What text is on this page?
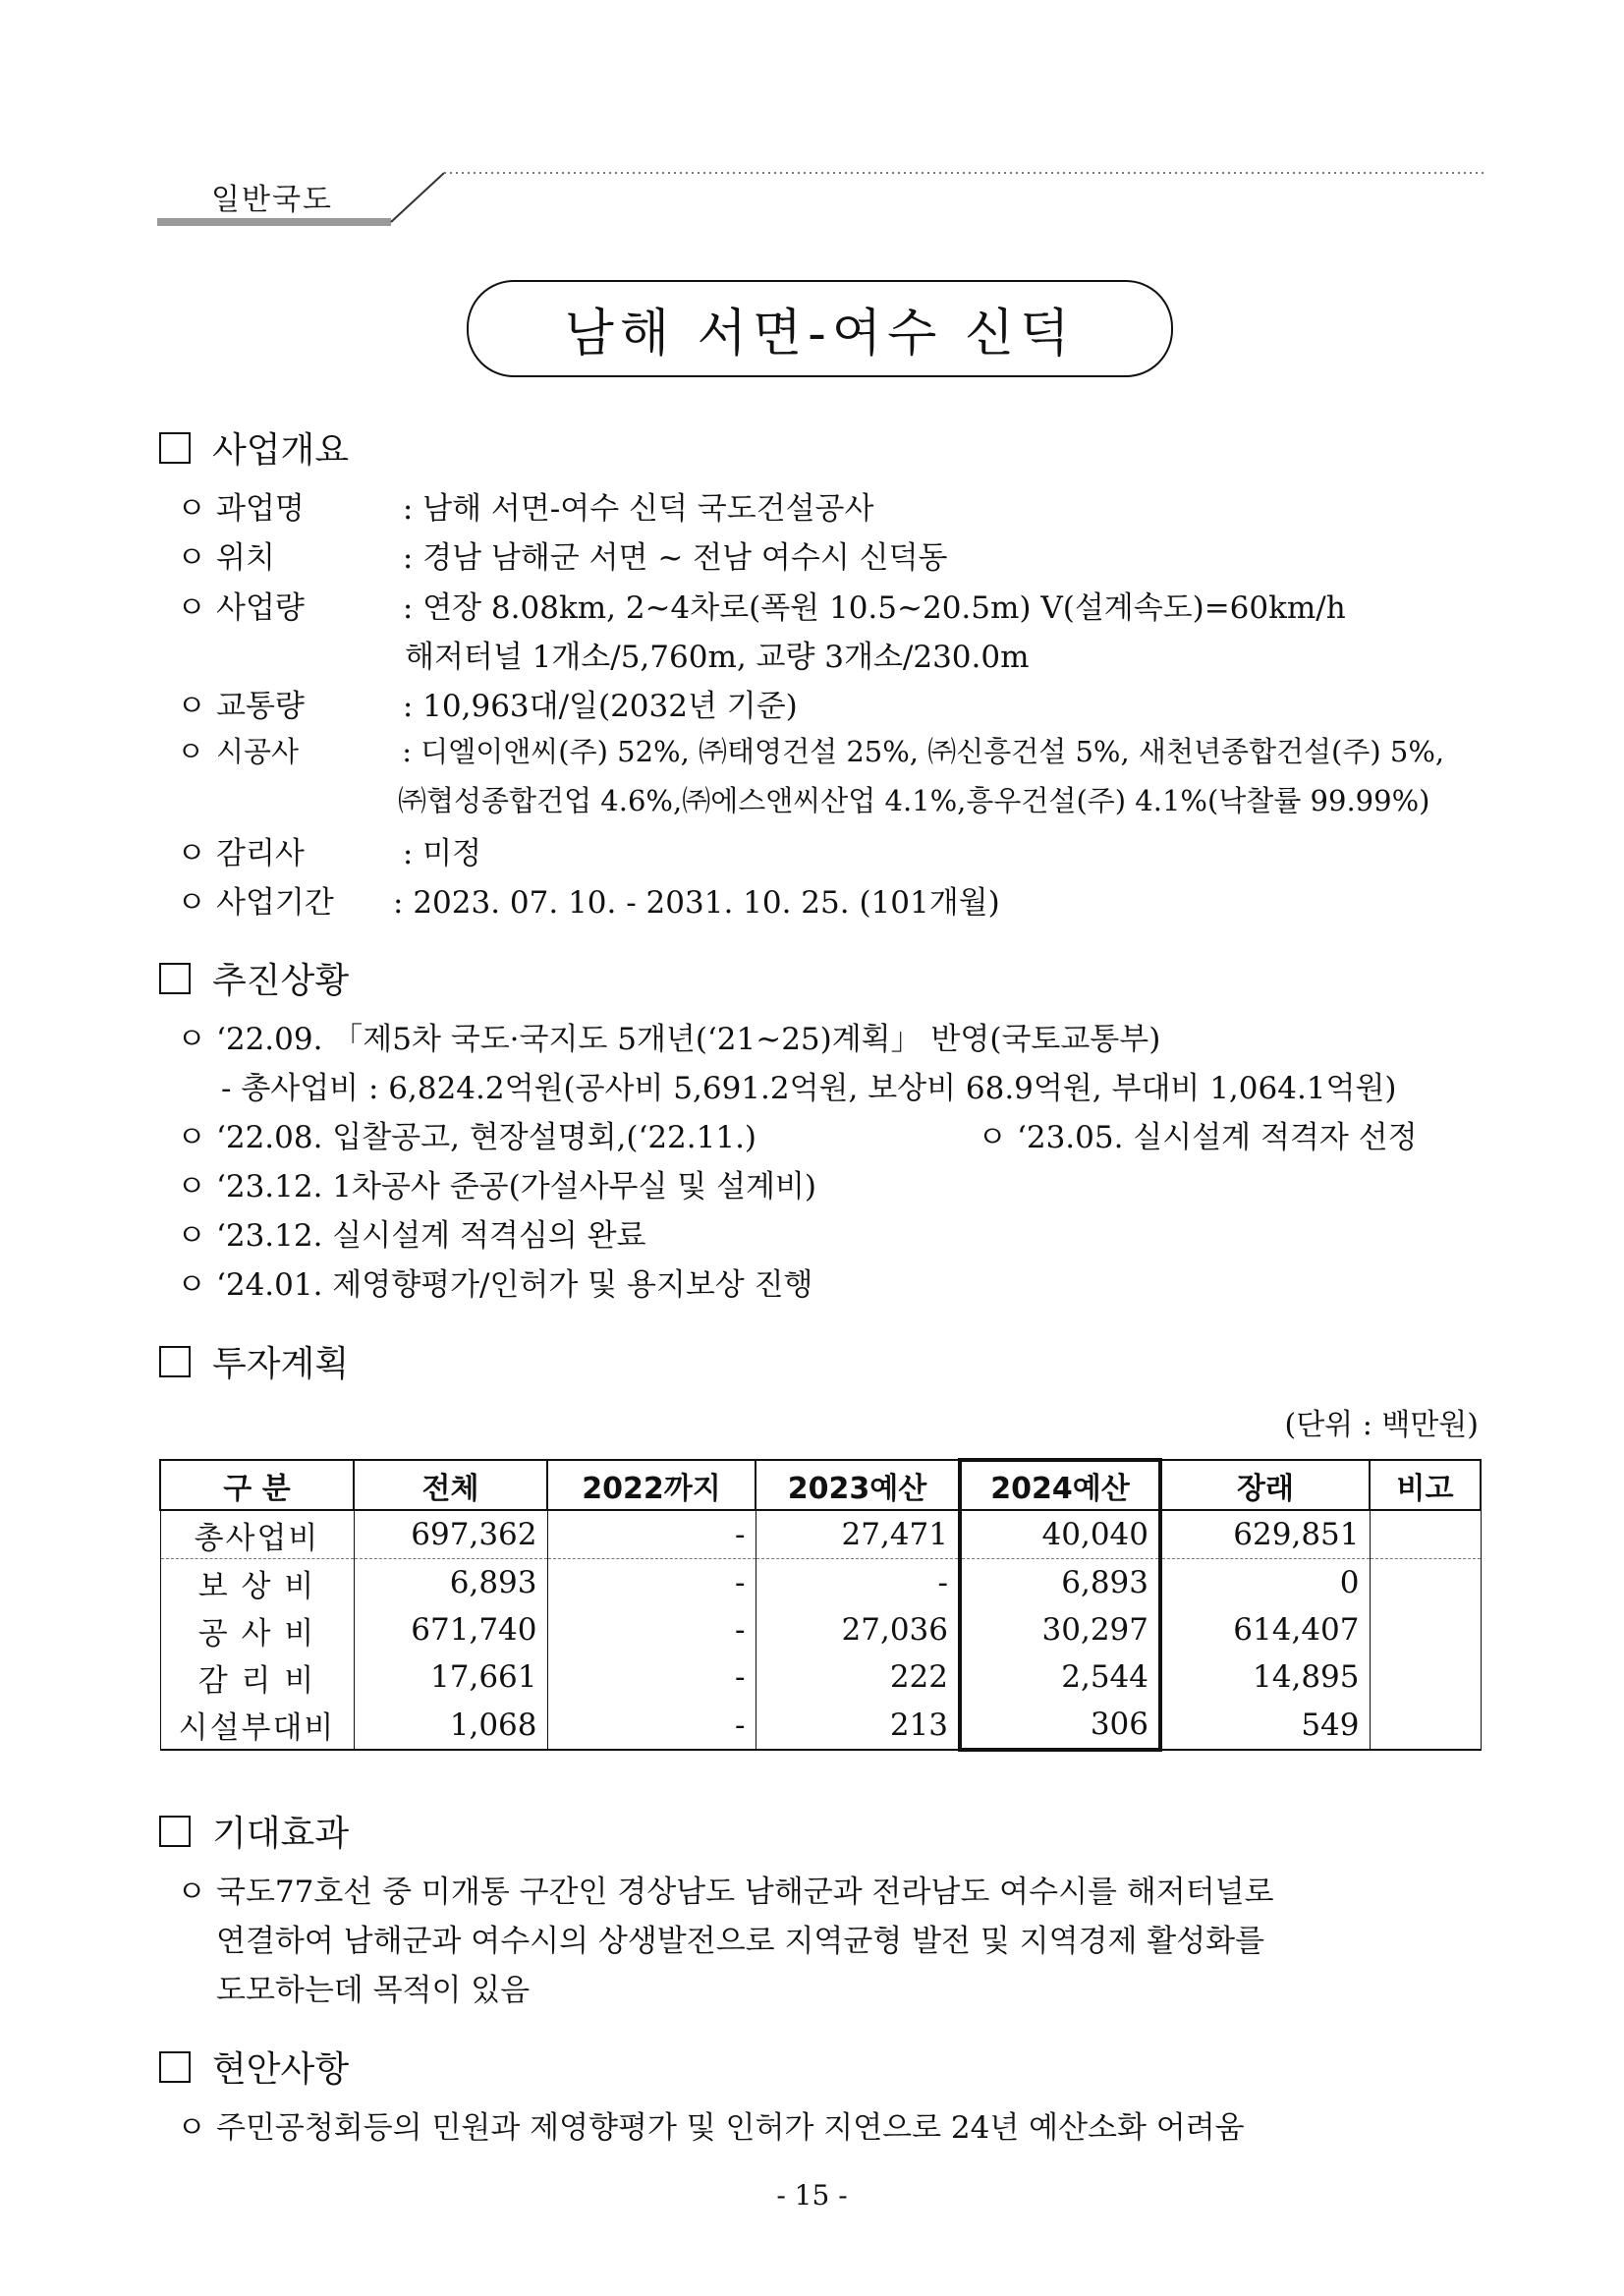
일반국도
남해 서면-여수 신덕
사업개요
ㅇ 과업명	: 남해 서면-여수 신덕 국도건설공사
ㅇ 위치	: 경남 남해군 서면 ~ 전남 여수시 신덕동
ㅇ 사업량	: 연장 8.08km, 2~4차로(폭원 10.5~20.5m) V(설계속도)=60km/h
해저터널 1개소/5,760m, 교량 3개소/230.0m
ㅇ 교통량	: 10,963대/일(2032년 기준)
ㅇ 시공사	: 디엘이앤씨(주) 52%, ㈜태영건설 25%, ㈜신흥건설 5%, 새천년종합건설(주) 5%,
㈜협성종합건업 4.6%,㈜에스앤씨산업 4.1%,흥우건설(주) 4.1%(낙찰률 99.99%)
ㅇ 감리사	: 미정
ㅇ 사업기간 : 2023. 07. 10. - 2031. 10. 25. (101개월)
추진상황
ㅇ ‘22.09. 「제5차 국도·국지도 5개년(‘21~25)계획」 반영(국토교통부)
- 총사업비 : 6,824.2억원(공사비 5,691.2억원, 보상비 68.9억원, 부대비 1,064.1억원)
ㅇ ‘22.08. 입찰공고, 현장설명회,(‘22.11.)	ㅇ ‘23.05. 실시설계 적격자 선정
ㅇ ‘23.12. 1차공사 준공(가설사무실 및 설계비)
ㅇ ‘23.12. 실시설계 적격심의 완료
ㅇ ‘24.01. 제영향평가/인허가 및 용지보상 진행
투자계획
(단위 : 백만원)
구 분	전체	2022까지	2023예산	2024예산	장래	비고
총사업비	697,362	-	27,471	40,040	629,851	
보 상 비	6,893	-	-	6,893	0	
공 사 비	671,740	-	27,036	30,297	614,407	
감 리 비	17,661	-	222	2,544	14,895	
시설부대비	1,068	-	213	306	549	
기대효과
ㅇ 국도77호선 중 미개통 구간인 경상남도 남해군과 전라남도 여수시를 해저터널로
연결하여 남해군과 여수시의 상생발전으로 지역균형 발전 및 지역경제 활성화를
도모하는데 목적이 있음
현안사항
ㅇ 주민공청회등의 민원과 제영향평가 및 인허가 지연으로 24년 예산소화 어려움
- 15 -
